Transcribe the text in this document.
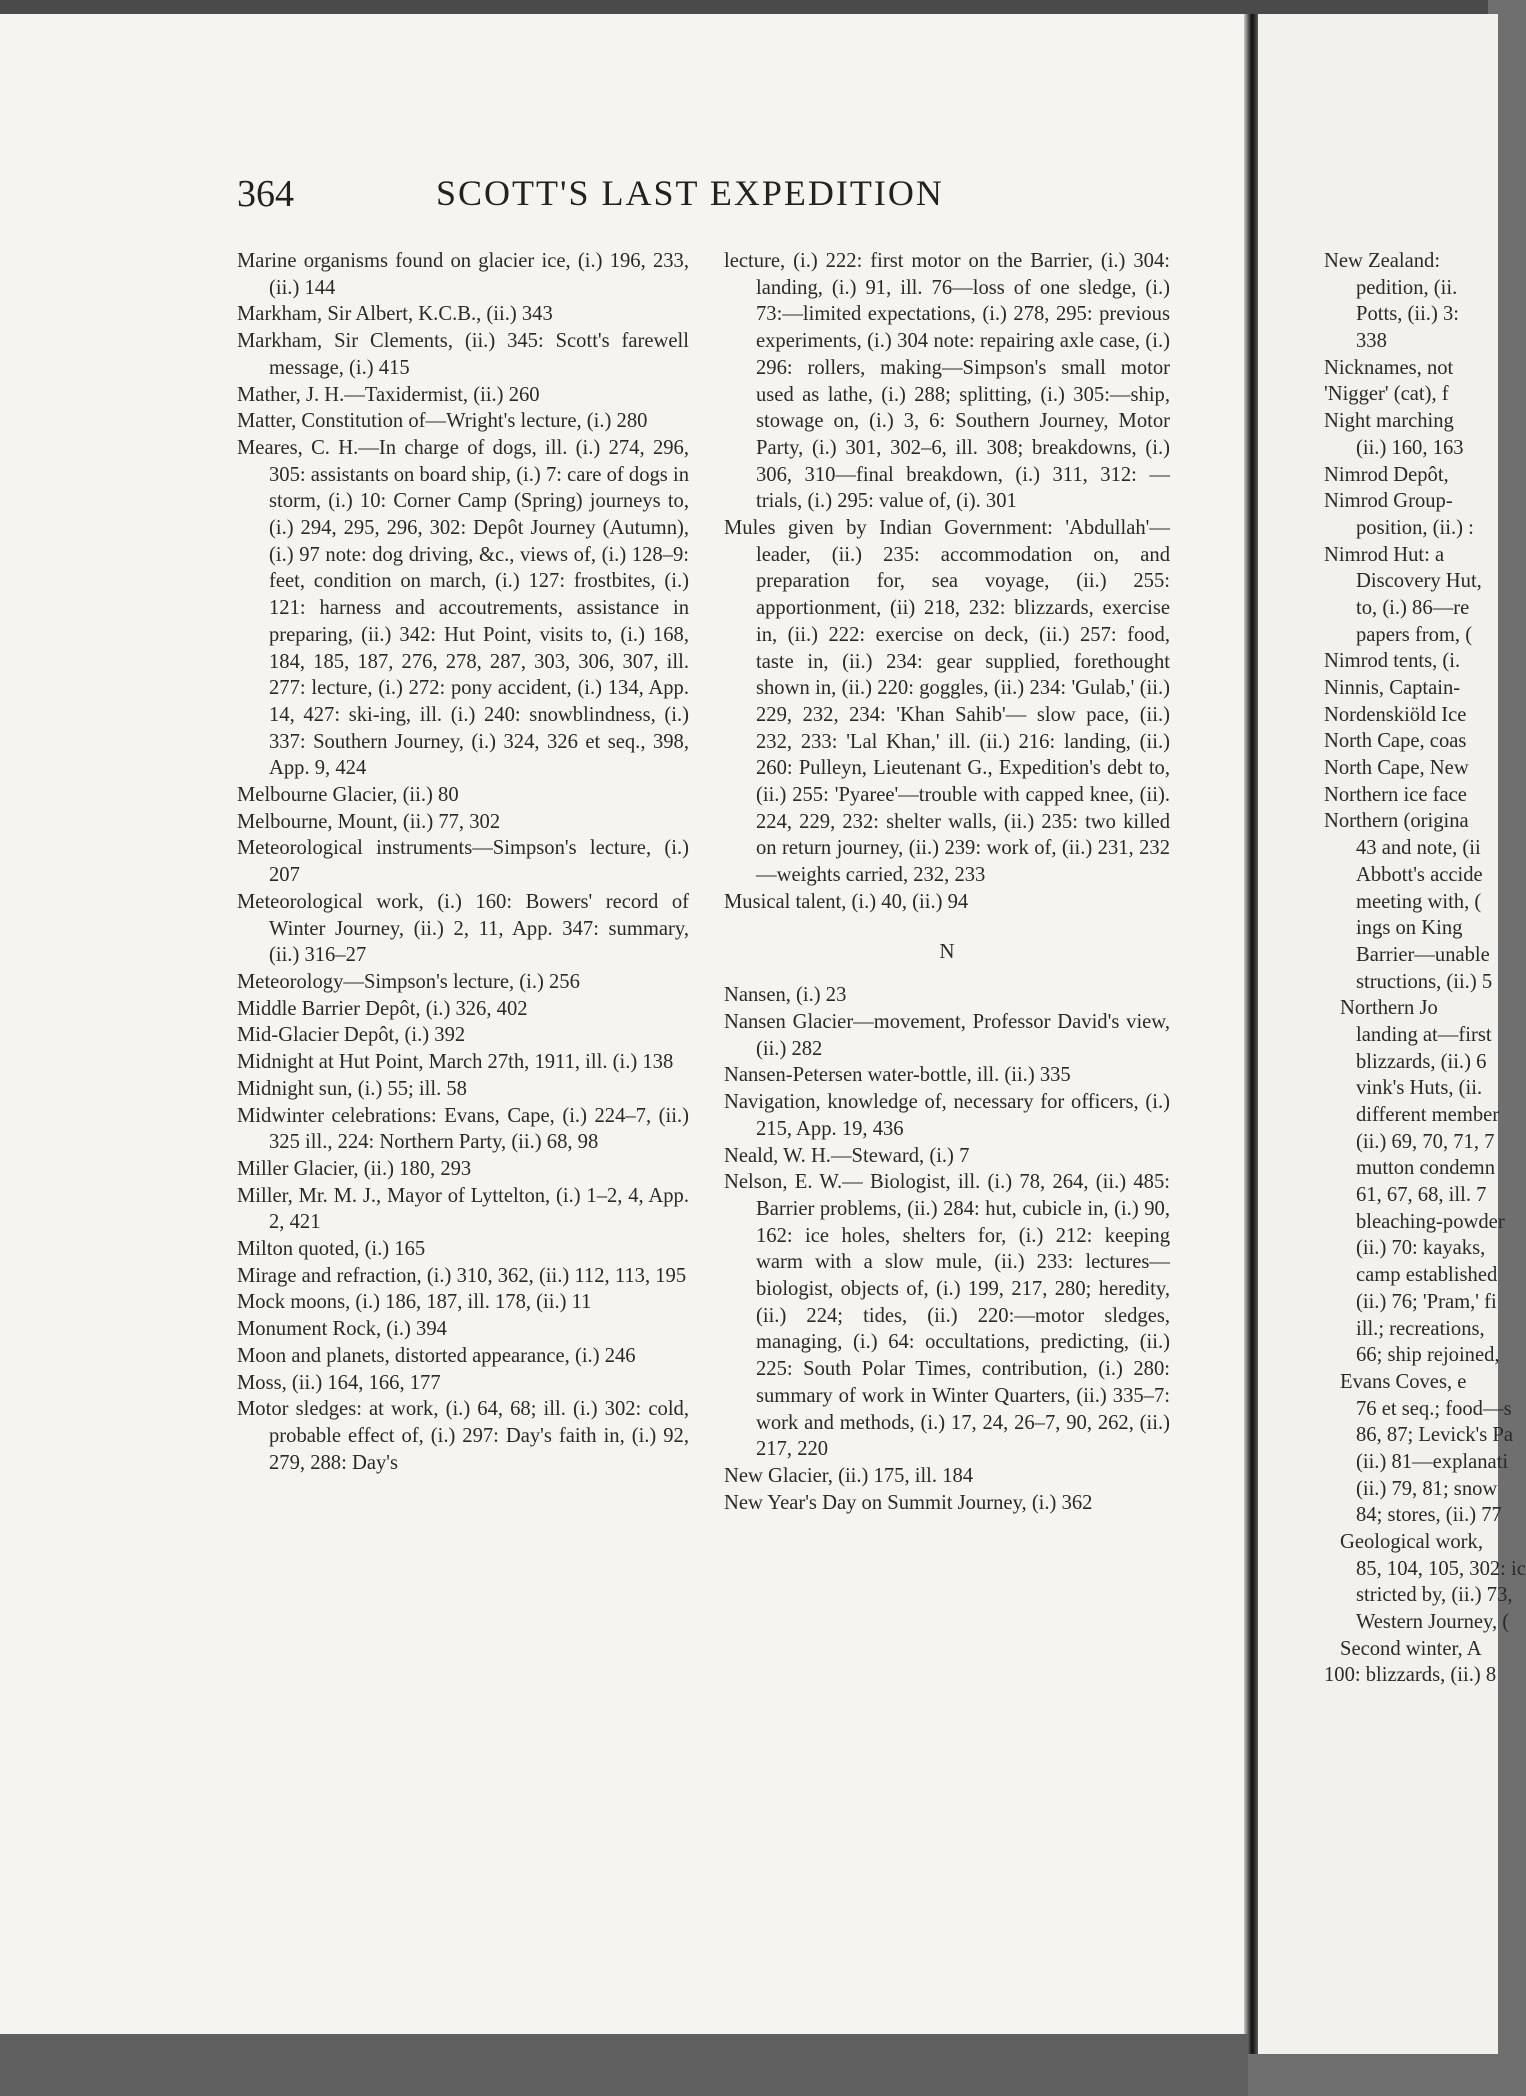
364	SCOTT'S LAST EXPEDITION

Marine organisms found on glacier ice, (i.) 196, 233, (ii.) 144

Markham, Sir Albert, K.C.B., (ii.) 343

Markham, Sir Clements, (ii.) 345: Scott's farewell message, (i.) 415

Mather, J. H.—Taxidermist, (ii.) 260

Matter, Constitution of—Wright's lecture, (i.) 280

Meares, C. H.—In charge of dogs, ill. (i.) 274, 296, 305: assistants on board ship, (i.) 7: care of dogs in storm, (i.) 10: Corner Camp (Spring) journeys to, (i.) 294, 295, 296, 302: Depôt Journey (Autumn), (i.) 97 note: dog driving, &c., views of, (i.) 128–9: feet, condition on march, (i.) 127: frostbites, (i.) 121: harness and accoutrements, assistance in preparing, (ii.) 342: Hut Point, visits to, (i.) 168, 184, 185, 187, 276, 278, 287, 303, 306, 307, ill. 277: lecture, (i.) 272: pony accident, (i.) 134, App. 14, 427: ski-ing, ill. (i.) 240: snowblindness, (i.) 337: Southern Journey, (i.) 324, 326 et seq., 398, App. 9, 424

Melbourne Glacier, (ii.) 80

Melbourne, Mount, (ii.) 77, 302

Meteorological instruments—Simpson's lecture, (i.) 207

Meteorological work, (i.) 160: Bowers' record of Winter Journey, (ii.) 2, 11, App. 347: summary, (ii.) 316–27

Meteorology—Simpson's lecture, (i.) 256

Middle Barrier Depôt, (i.) 326, 402

Mid-Glacier Depôt, (i.) 392

Midnight at Hut Point, March 27th, 1911, ill. (i.) 138

Midnight sun, (i.) 55; ill. 58

Midwinter celebrations: Evans, Cape, (i.) 224–7, (ii.) 325 ill., 224: Northern Party, (ii.) 68, 98

Miller Glacier, (ii.) 180, 293

Miller, Mr. M. J., Mayor of Lyttelton, (i.) 1–2, 4, App. 2, 421

Milton quoted, (i.) 165

Mirage and refraction, (i.) 310, 362, (ii.) 112, 113, 195

Mock moons, (i.) 186, 187, ill. 178, (ii.) 11

Monument Rock, (i.) 394

Moon and planets, distorted appearance, (i.) 246

Moss, (ii.) 164, 166, 177

Motor sledges: at work, (i.) 64, 68; ill. (i.) 302: cold, probable effect of, (i.) 297: Day's faith in, (i.) 92, 279, 288: Day's

lecture, (i.) 222: first motor on the Barrier, (i.) 304: landing, (i.) 91, ill. 76—loss of one sledge, (i.) 73:—limited expectations, (i.) 278, 295: previous experiments, (i.) 304 note: repairing axle case, (i.) 296: rollers, making—Simpson's small motor used as lathe, (i.) 288; splitting, (i.) 305:—ship, stowage on, (i.) 3, 6: Southern Journey, Motor Party, (i.) 301, 302–6, ill. 308; breakdowns, (i.) 306, 310—final breakdown, (i.) 311, 312: —trials, (i.) 295: value of, (i). 301

Mules given by Indian Government: 'Abdullah'—leader, (ii.) 235: accommodation on, and preparation for, sea voyage, (ii.) 255: apportionment, (ii) 218, 232: blizzards, exercise in, (ii.) 222: exercise on deck, (ii.) 257: food, taste in, (ii.) 234: gear supplied, forethought shown in, (ii.) 220: goggles, (ii.) 234: 'Gulab,' (ii.) 229, 232, 234: 'Khan Sahib'— slow pace, (ii.) 232, 233: 'Lal Khan,' ill. (ii.) 216: landing, (ii.) 260: Pulleyn, Lieutenant G., Expedition's debt to, (ii.) 255: 'Pyaree'—trouble with capped knee, (ii). 224, 229, 232: shelter walls, (ii.) 235: two killed on return journey, (ii.) 239: work of, (ii.) 231, 232—weights carried, 232, 233

Musical talent, (i.) 40, (ii.) 94

N

Nansen, (i.) 23

Nansen Glacier—movement, Professor David's view, (ii.) 282

Nansen-Petersen water-bottle, ill. (ii.) 335

Navigation, knowledge of, necessary for officers, (i.) 215, App. 19, 436

Neald, W. H.—Steward, (i.) 7

Nelson, E. W.— Biologist, ill. (i.) 78, 264, (ii.) 485: Barrier problems, (ii.) 284: hut, cubicle in, (i.) 90, 162: ice holes, shelters for, (i.) 212: keeping warm with a slow mule, (ii.) 233: lectures—biologist, objects of, (i.) 199, 217, 280; heredity, (ii.) 224; tides, (ii.) 220:—motor sledges, managing, (i.) 64: occultations, predicting, (ii.) 225: South Polar Times, contribution, (i.) 280: summary of work in Winter Quarters, (ii.) 335–7: work and methods, (i.) 17, 24, 26–7, 90, 262, (ii.) 217, 220

New Glacier, (ii.) 175, ill. 184

New Year's Day on Summit Journey, (i.) 362

New Zealand:
pedition, (ii.
Potts, (ii.) 3:
338
Nicknames, not
'Nigger' (cat), f
Night marching
(ii.) 160, 163
Nimrod Depôt,
Nimrod Group-
position, (ii.) :
Nimrod Hut: a
Discovery Hut,
to, (i.) 86—re
papers from, (
Nimrod tents, (i.
Ninnis, Captain-
Nordenskiöld Ice
North Cape, coas
North Cape, New
Northern ice face
Northern (origina
43 and note, (ii
Abbott's accide
meeting with, (
ings on King
Barrier—unable
structions, (ii.) 5
Northern Jo
landing at—first
blizzards, (ii.) 6
vink's Huts, (ii.
different member
(ii.) 69, 70, 71, 7
mutton condemn
61, 67, 68, ill. 7
bleaching-powder
(ii.) 70: kayaks,
camp established
(ii.) 76; 'Pram,' fi
ill.; recreations,
66; ship rejoined,
Evans Coves, e
76 et seq.; food—s
86, 87; Levick's Pa
(ii.) 81—explanati
(ii.) 79, 81; snow
84; stores, (ii.) 77
Geological work,
85, 104, 105, 302: ic
stricted by, (ii.) 73,
Western Journey, (
Second winter, A
100: blizzards, (ii.) 8
